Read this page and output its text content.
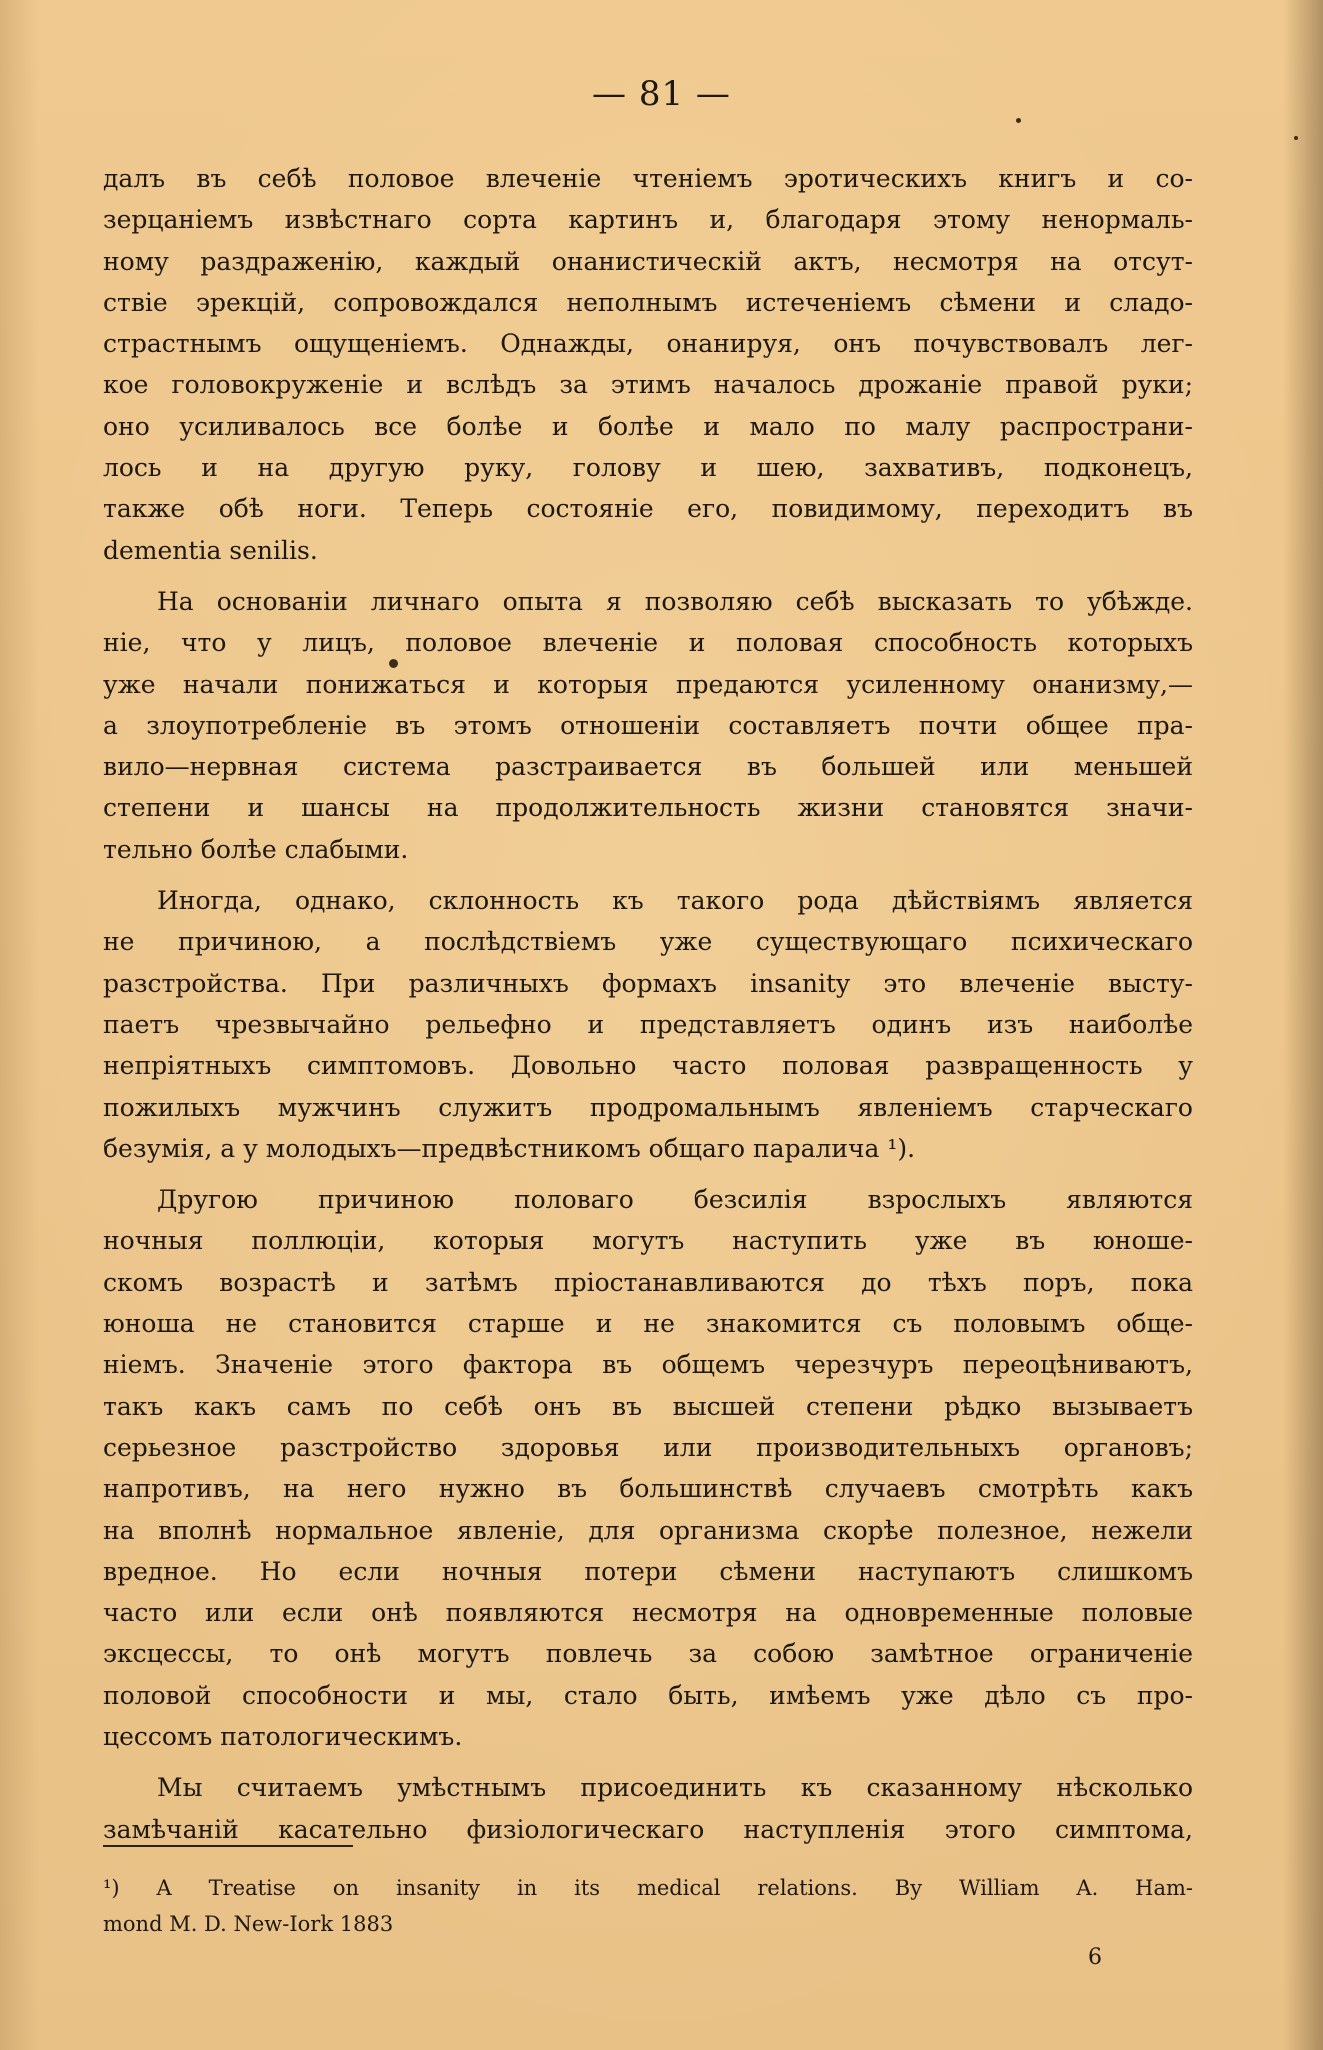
— 81 —
далъ въ себѣ половое влеченіе чтеніемъ эротическихъ книгъ и со-
зерцаніемъ извѣстнаго сорта картинъ и, благодаря этому ненормаль-
ному раздраженію, каждый онанистическій актъ, несмотря на отсут-
ствіе эрекцій, сопровождался неполнымъ истеченіемъ сѣмени и сладо-
страстнымъ ощущеніемъ. Однажды, онанируя, онъ почувствовалъ лег-
кое головокруженіе и вслѣдъ за этимъ началось дрожаніе правой руки;
оно усиливалось все болѣе и болѣе и мало по малу распространи-
лось и на другую руку, голову и шею, захвативъ, подконецъ,
также обѣ ноги. Теперь состояніе его, повидимому, переходитъ въ
dementia senilis.
На основаніи личнаго опыта я позволяю себѣ высказать то убѣжде.
ніе, что у лицъ, половое влеченіе и половая способность которыхъ
уже начали понижаться и которыя предаются усиленному онанизму,—
а злоупотребленіе въ этомъ отношеніи составляетъ почти общее пра-
вило—нервная система разстраивается въ большей или меньшей
степени и шансы на продолжительность жизни становятся значи-
тельно болѣе слабыми.
Иногда, однако, склонность къ такого рода дѣйствіямъ является
не причиною, а послѣдствіемъ уже существующаго психическаго
разстройства. При различныхъ формахъ insanity это влеченіе высту-
паетъ чрезвычайно рельефно и представляетъ одинъ изъ наиболѣе
непріятныхъ симптомовъ. Довольно часто половая развращенность у
пожилыхъ мужчинъ служитъ продромальнымъ явленіемъ старческаго
безумія, а у молодыхъ—предвѣстникомъ общаго паралича ¹).
Другою причиною половаго безсилія взрослыхъ являются
ночныя поллюціи, которыя могутъ наступить уже въ юноше-
скомъ возрастѣ и затѣмъ пріостанавливаются до тѣхъ поръ, пока
юноша не становится старше и не знакомится съ половымъ обще-
ніемъ. Значеніе этого фактора въ общемъ черезчуръ переоцѣниваютъ,
такъ какъ самъ по себѣ онъ въ высшей степени рѣдко вызываетъ
серьезное разстройство здоровья или производительныхъ органовъ;
напротивъ, на него нужно въ большинствѣ случаевъ смотрѣть какъ
на вполнѣ нормальное явленіе, для организма скорѣе полезное, нежели
вредное. Но если ночныя потери сѣмени наступаютъ слишкомъ
часто или если онѣ появляются несмотря на одновременные половые
эксцессы, то онѣ могутъ повлечь за собою замѣтное ограниченіе
половой способности и мы, стало быть, имѣемъ уже дѣло съ про-
цессомъ патологическимъ.
Мы считаемъ умѣстнымъ присоединить къ сказанному нѣсколько
замѣчаній касательно физіологическаго наступленія этого симптома,
¹) A Treatise on insanity in its medical relations. By William A. Ham-
mond M. D. New-Iork 1883
6
